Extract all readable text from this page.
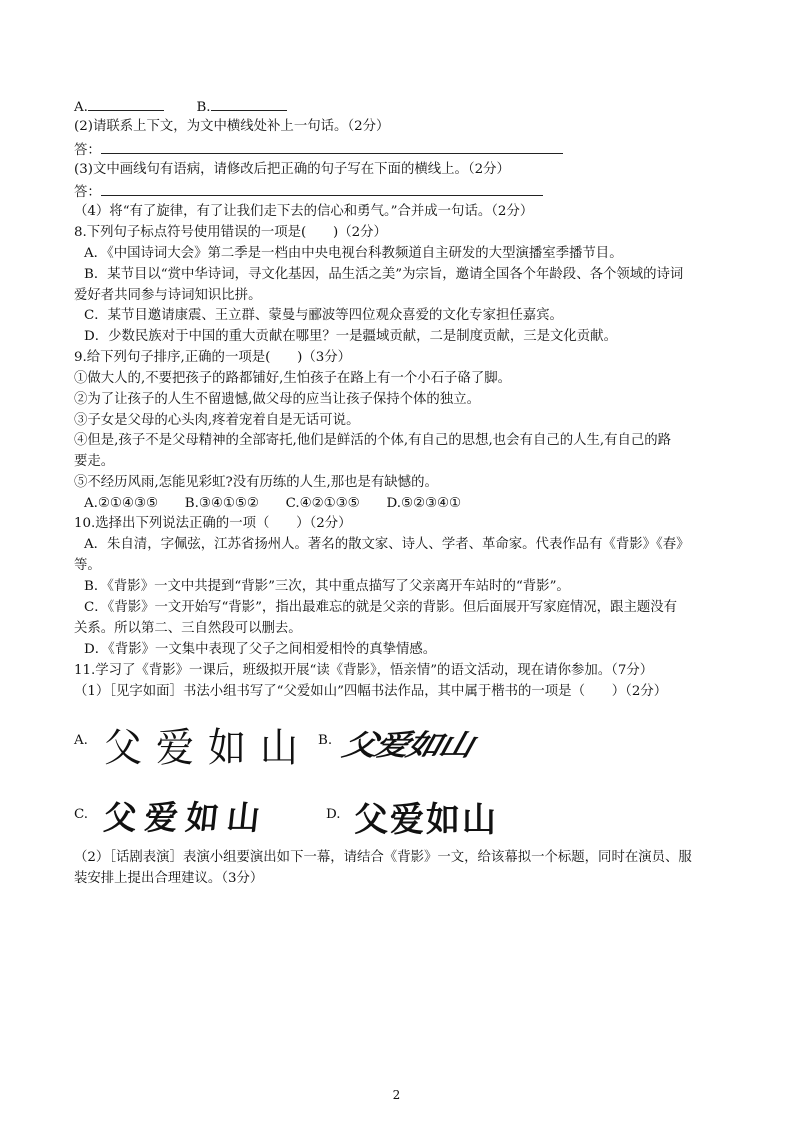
A.	B.
(2)请联系上下文，为文中横线处补上一句话。（2分）
答：
(3)文中画线句有语病，请修改后把正确的句子写在下面的横线上。（2分）
答：
（4）将“有了旋律，有了让我们走下去的信心和勇气。”合并成一句话。（2分）
8.下列句子标点符号使用错误的一项是(　　)（2分）
A．《中国诗词大会》第二季是一档由中央电视台科教频道自主研发的大型演播室季播节目。
B．某节目以“赏中华诗词，寻文化基因，品生活之美”为宗旨，邀请全国各个年龄段、各个领域的诗词
爱好者共同参与诗词知识比拼。
C．某节目邀请康震、王立群、蒙曼与郦波等四位观众喜爱的文化专家担任嘉宾。
D．少数民族对于中国的重大贡献在哪里？一是疆域贡献，二是制度贡献，三是文化贡献。
9.给下列句子排序,正确的一项是(　　)（3分）
①做大人的,不要把孩子的路都铺好,生怕孩子在路上有一个小石子硌了脚。
②为了让孩子的人生不留遗憾,做父母的应当让孩子保持个体的独立。
③子女是父母的心头肉,疼着宠着自是无话可说。
④但是,孩子不是父母精神的全部寄托,他们是鲜活的个体,有自己的思想,也会有自己的人生,有自己的路
要走。
⑤不经历风雨,怎能见彩虹?没有历练的人生,那也是有缺憾的。
A.②①④③⑤　　B.③④①⑤②　　C.④②①③⑤　　D.⑤②③④①
10.选择出下列说法正确的一项（　　）（2分）
A．朱自清，字佩弦，江苏省扬州人。著名的散文家、诗人、学者、革命家。代表作品有《背影》《春》
等。
B．《背影》一文中共提到“背影”三次，其中重点描写了父亲离开车站时的“背影”。
C．《背影》一文开始写“背影”，指出最难忘的就是父亲的背影。但后面展开写家庭情况，跟主题没有
关系。所以第二、三自然段可以删去。
D．《背影》一文集中表现了父子之间相爱相怜的真挚情感。
11.学习了《背影》一课后，班级拟开展“读《背影》，悟亲情”的语文活动，现在请你参加。（7分）
（1）［见字如面］书法小组书写了“父爱如山”四幅书法作品，其中属于楷书的一项是（　　）（2分）
A. 父爱如山 B. 父爱如山
C. 父爱如山	D. 父爱如山
（2）［话剧表演］表演小组要演出如下一幕，请结合《背影》一文，给该幕拟一个标题，同时在演员、服
装安排上提出合理建议。（3分）
2
